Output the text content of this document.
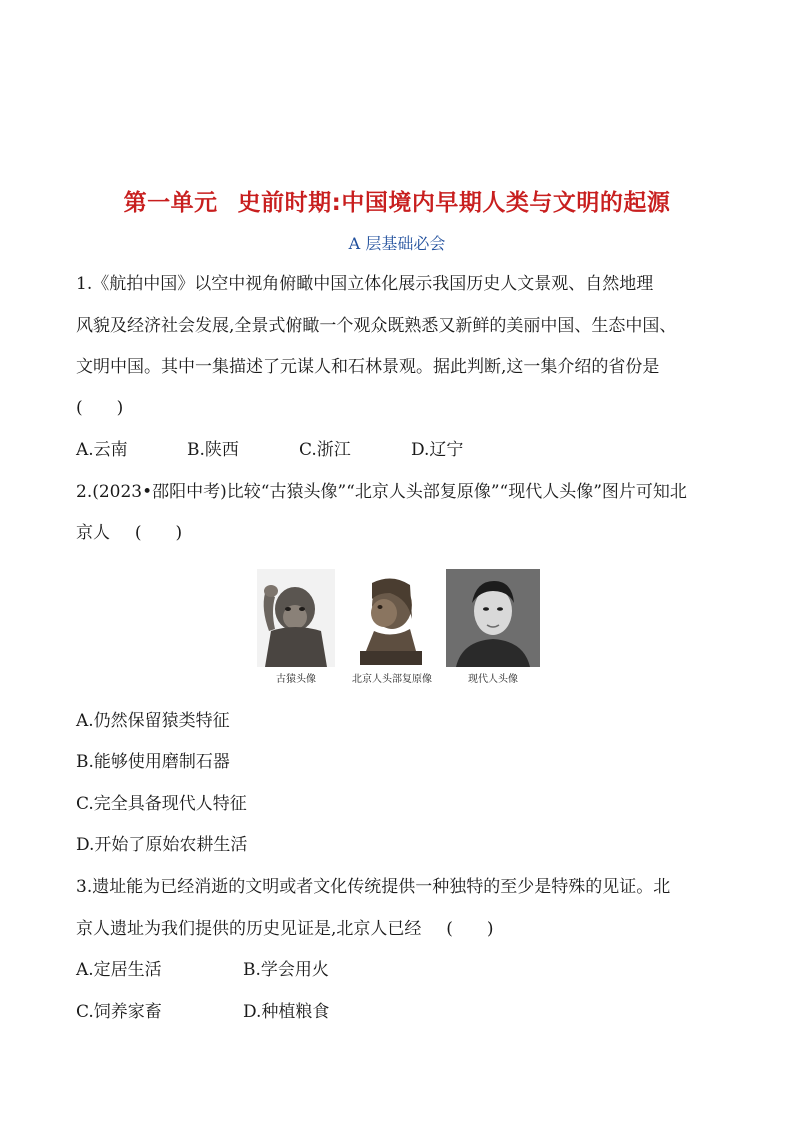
第一单元 史前时期:中国境内早期人类与文明的起源
A 层基础必会
1.《航拍中国》以空中视角俯瞰中国立体化展示我国历史人文景观、自然地理
风貌及经济社会发展,全景式俯瞰一个观众既熟悉又新鲜的美丽中国、生态中国、
文明中国。其中一集描述了元谋人和石林景观。据此判断,这一集介绍的省份是
(　　)
A.云南	B.陕西	C.浙江	D.辽宁
2.(2023•邵阳中考)比较“古猿头像”“北京人头部复原像”“现代人头像”图片可知北
京人 (　　)
古猿头像	北京人头部复原像	现代人头像
A.仍然保留猿类特征
B.能够使用磨制石器
C.完全具备现代人特征
D.开始了原始农耕生活
3.遗址能为已经消逝的文明或者文化传统提供一种独特的至少是特殊的见证。北
京人遗址为我们提供的历史见证是,北京人已经 (　　)
A.定居生活	B.学会用火
C.饲养家畜	D.种植粮食
